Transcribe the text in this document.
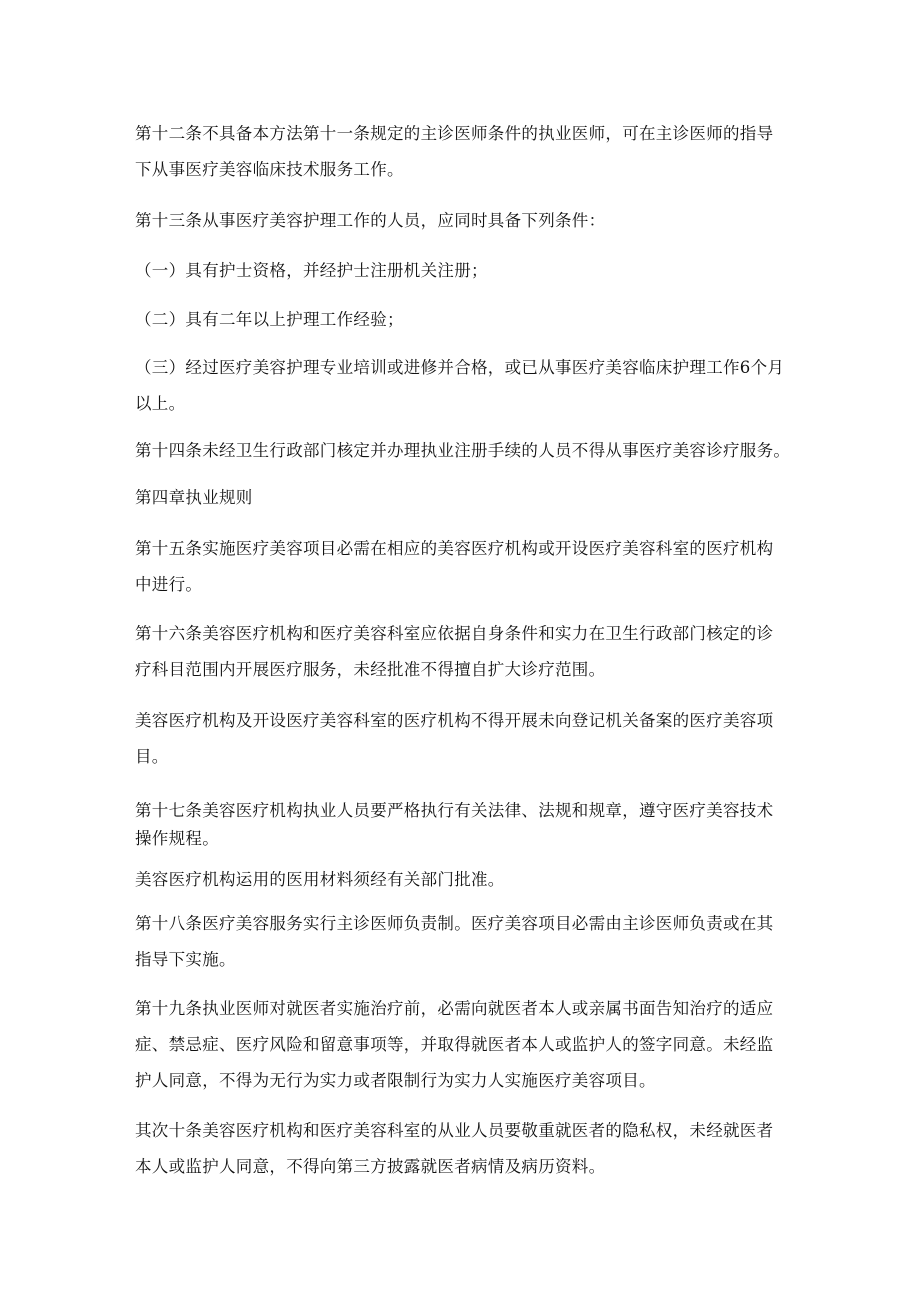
第十二条不具备本方法第十一条规定的主诊医师条件的执业医师，可在主诊医师的指导
下从事医疗美容临床技术服务工作。

第十三条从事医疗美容护理工作的人员，应同时具备下列条件：

（一）具有护士资格，并经护士注册机关注册；

（二）具有二年以上护理工作经验；

（三）经过医疗美容护理专业培训或进修并合格，或已从事医疗美容临床护理工作6个月
以上。

第十四条未经卫生行政部门核定并办理执业注册手续的人员不得从事医疗美容诊疗服务。

第四章执业规则

第十五条实施医疗美容项目必需在相应的美容医疗机构或开设医疗美容科室的医疗机构
中进行。

第十六条美容医疗机构和医疗美容科室应依据自身条件和实力在卫生行政部门核定的诊
疗科目范围内开展医疗服务，未经批准不得擅自扩大诊疗范围。

美容医疗机构及开设医疗美容科室的医疗机构不得开展未向登记机关备案的医疗美容项
目。

第十七条美容医疗机构执业人员要严格执行有关法律、法规和规章，遵守医疗美容技术
操作规程。

美容医疗机构运用的医用材料须经有关部门批准。

第十八条医疗美容服务实行主诊医师负责制。医疗美容项目必需由主诊医师负责或在其
指导下实施。

第十九条执业医师对就医者实施治疗前，必需向就医者本人或亲属书面告知治疗的适应
症、禁忌症、医疗风险和留意事项等，并取得就医者本人或监护人的签字同意。未经监
护人同意，不得为无行为实力或者限制行为实力人实施医疗美容项目。

其次十条美容医疗机构和医疗美容科室的从业人员要敬重就医者的隐私权，未经就医者
本人或监护人同意，不得向第三方披露就医者病情及病历资料。
